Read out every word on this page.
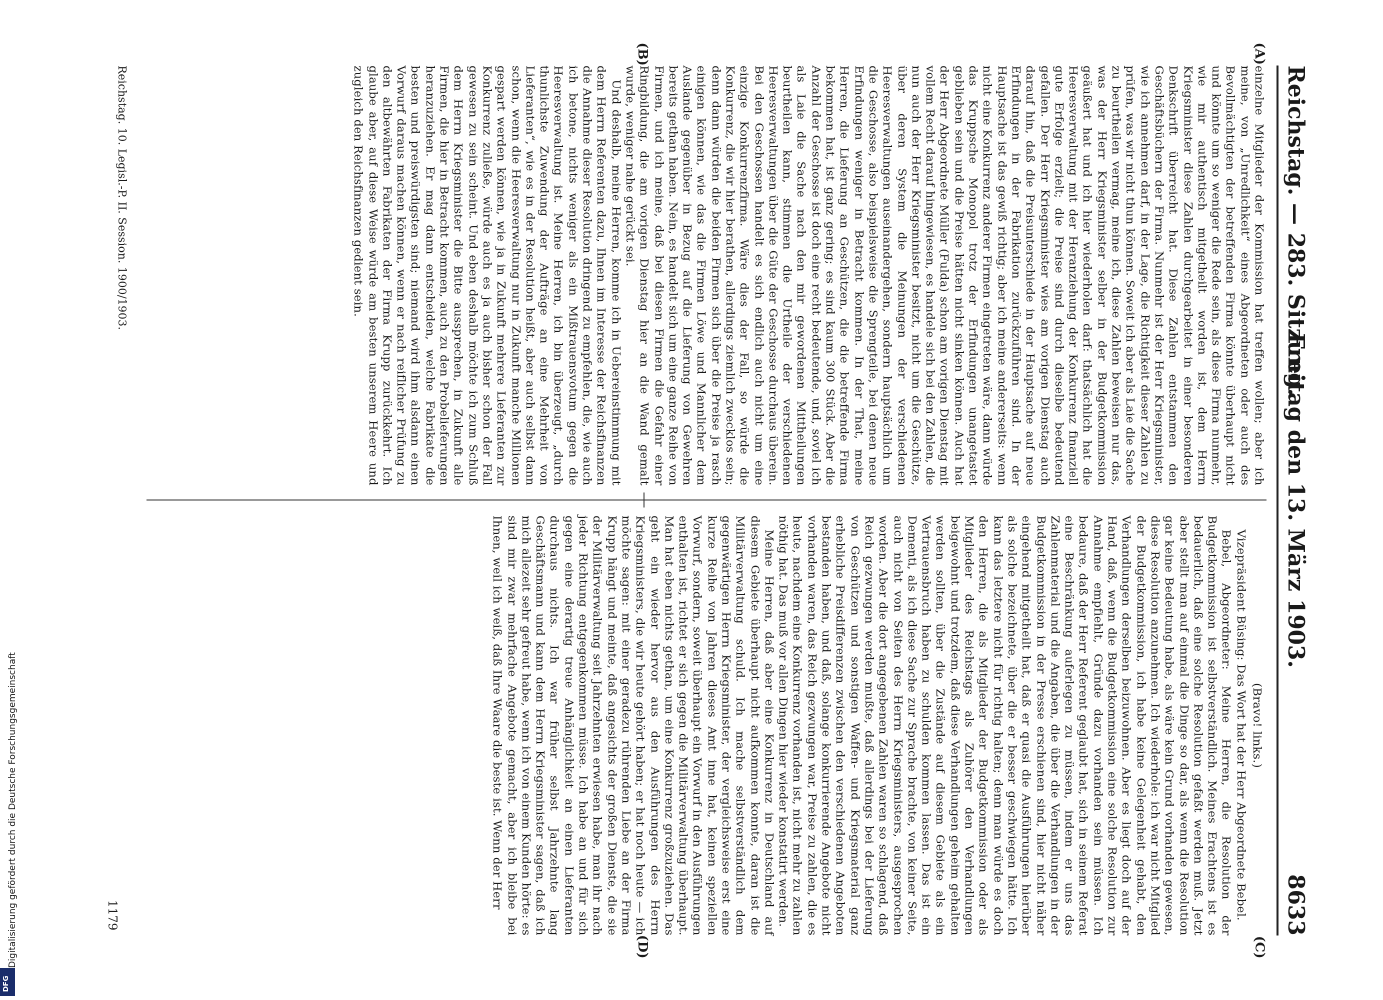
Digitalisierung gefördert durch die Deutsche Forschungsgemeinschaft
DFG
Reichstag. — 283. Sitzung.
Freitag den 13. März 1903.
8633
(A)
(B)
(C)
(D)

einzelne Mitglieder der Kommission hat treffen wollen; aber ich meine, von „Unredlichkeit“ eines Abgeordneten oder auch des Bevollmächtigten der betreffenden Firma könnte überhaupt nicht und könnte um so weniger die Rede sein, als diese Firma nunmehr, wie mir authentisch mitgetheilt worden ist, dem Herrn Kriegsminister diese Zahlen durchgearbeitet in einer besonderen Denkschrift überreicht hat. Diese Zahlen entstammen den Geschäftsbüchern der Firma. Nunmehr ist der Herr Kriegsminister, wie ich annehmen darf, in der Lage, die Richtigkeit dieser Zahlen zu prüfen, was wir nicht thun können. Soweit ich aber als Laie die Sache zu beurtheilen vermag, meine ich, diese Zahlen beweisen nur das, was der Herr Kriegsminister selber in der Budgetkommission geäußert hat und ich hier wiederholen darf: thatsächlich hat die Heeresverwaltung mit der Heranziehung der Konkurrenz finanziell gute Erfolge erzielt; die Preise sind durch dieselbe bedeutend gefallen. Der Herr Kriegsminister wies am vorigen Dienstag auch darauf hin, daß die Preisunterschiede in der Hauptsache auf neue Erfindungen in der Fabrikation zurückzuführen sind. In der Hauptsache ist das gewiß richtig; aber ich meine andererseits: wenn nicht eine Konkurrenz anderer Firmen eingetreten wäre, dann würde das Kruppsche Monopol trotz der Erfindungen unangetastet geblieben sein und die Preise hätten nicht sinken können. Auch hat der Herr Abgeordnete Müller (Fulda) schon am vorigen Dienstag mit vollem Recht darauf hingewiesen, es handele sich bei den Zahlen, die nun auch der Herr Kriegsminister besitzt, nicht um die Geschütze, über deren System die Meinungen der verschiedenen Heeresverwaltungen auseinandergehen, sondern hauptsächlich um die Geschosse, also beispielsweise die Sprengteile, bei denen neue Erfindungen weniger in Betracht kommen. In der That, meine Herren, die Lieferung an Geschützen, die die betreffende Firma bekommen hat, ist ganz gering; es sind kaum 300 Stück. Aber die Anzahl der Geschosse ist doch eine recht bedeutende, und, soviel ich als Laie die Sache nach den mir gewordenen Mittheilungen beurtheilen kann, stimmen die Urtheile der verschiedenen Heeresverwaltungen über die Güte der Geschosse durchaus überein. Bei den Geschossen handelt es sich endlich auch nicht um eine einzige Konkurrenzfirma. Wäre dies der Fall, so würde die Konkurrenz, die wir hier berathen, allerdings ziemlich zwecklos sein; denn dann würden die beiden Firmen sich über die Preise ja rasch einigen können, wie das die Firmen Löwe und Mannlicher dem Auslande gegenüber in Bezug auf die Lieferung von Gewehren bereits gethan haben. Nein, es handelt sich um eine ganze Reihe von Firmen, und ich meine, daß bei diesen Firmen die Gefahr einer Ringbildung, die am vorigen Dienstag hier an die Wand gemalt wurde, weniger nahe gerückt sei.

Und deshalb, meine Herren, komme ich in Uebereinstimmung mit dem Herrn Referenten dazu, Ihnen im Interesse der Reichsfinanzen die Annahme dieser Resolution dringend zu empfehlen, die, wie auch ich betone, nichts weniger als ein Mißtrauensvotum gegen die Heeresverwaltung ist. Meine Herren, ich bin überzeugt, „durch thunlichste Zuwendung der Aufträge an eine Mehrheit von Lieferanten“, wie es in der Resolution heißt, aber auch selbst dann schon, wenn die Heeresverwaltung nur in Zukunft manche Millionen gespart werden können, wie ja in Zukunft mehrere Lieferanten zur Konkurrenz zuließe, würde auch es ja auch bisher schon der Fall gewesen zu sein scheint. Und eben deshalb möchte ich zum Schluß dem Herrn Kriegsminister die Bitte aussprechen, in Zukunft alle Firmen, die hier in Betracht kommen, auch zu den Probelieferungen heranzuziehen. Er mag dann entscheiden, welche Fabrikate die besten und preiswürdigsten sind; niemand wird ihm alsdann einen Vorwurf daraus machen können, wenn er nach reiflicher Prüfung zu den altbewährten Fabrikaten der Firma Krupp zurückkehrt. Ich glaube aber, auf diese Weise würde am besten unserem Heere und zugleich den Reichsfinanzen gedient sein.

(Bravo! links.)

Vizepräsident Büsing: Das Wort hat der Herr Abgeordnete Bebel.

Bebel, Abgeordneter: Meine Herren, die Resolution der Budgetkommission ist selbstverständlich. Meines Erachtens ist es bedauerlich, daß eine solche Resolution gefaßt werden muß. Jetzt aber stellt man auf einmal die Dinge so dar, als wenn die Resolution gar keine Bedeutung habe, als wäre kein Grund vorhanden gewesen, diese Resolution anzunehmen. Ich wiederhole: ich war nicht Mitglied der Budgetkommission, ich habe keine Gelegenheit gehabt, den Verhandlungen derselben beizuwohnen. Aber es liegt doch auf der Hand, daß, wenn die Budgetkommission eine solche Resolution zur Annahme empfiehlt, Gründe dazu vorhanden sein müssen. Ich bedaure, daß der Herr Referent geglaubt hat, sich in seinem Referat eine Beschränkung auferlegen zu müssen, indem er uns das Zahlenmaterial und die Angaben, die über die Verhandlungen in der Budgetkommission in der Presse erschienen sind, hier nicht näher eingehend mitgetheilt hat, daß er quasi die Ausführungen hierüber als solche bezeichnete, über die er besser geschwiegen hätte. Ich kann das letztere nicht für richtig halten; denn man würde es doch den Herren, die als Mitglieder der Budgetkommission oder als Mitglieder des Reichstags als Zuhörer den Verhandlungen beigewohnt und trotzdem, daß diese Verhandlungen geheim gehalten werden sollten, über die Zustände auf diesem Gebiete als ein Vertrauensbruch haben zu schulden kommen lassen. Das ist ein Dementi, als ich diese Sache zur Sprache brachte, von keiner Seite, auch nicht von Seiten des Herrn Kriegsministers, ausgesprochen worden. Aber die dort angegebenen Zahlen waren so schlagend, daß Reich gezwungen werden mußte, daß allerdings bei der Lieferung von Geschützen und sonstigen Waffen- und Kriegsmaterial ganz erhebliche Preisdifferenzen zwischen den verschiedenen Angeboten bestanden haben, und daß, solange konkurrierende Angebote nicht vorhanden waren, das Reich gezwungen war, Preise zu zahlen, die es heute, nachdem eine Konkurrenz vorhanden ist, nicht mehr zu zahlen nöthig hat. Das muß vor allen Dingen hier wieder konstatirt werden.

Meine Herren, daß aber eine Konkurrenz in Deutschland auf diesem Gebiete überhaupt nicht aufkommen konnte, daran ist die Militärverwaltung schuld. Ich mache selbstverständlich dem gegenwärtigen Herrn Kriegsminister, der vergleichsweise erst eine kurze Reihe von Jahren dieses Amt inne hat, keinen speziellen Vorwurf, sondern, soweit überhaupt ein Vorwurf in den Ausführungen enthalten ist, richtet er sich gegen die Militärverwaltung überhaupt. Man hat eben nichts gethan, um eine Konkurrenz großzuziehen. Das geht ein wieder hervor aus den Ausführungen des Herrn Kriegsministers, die wir heute gehört haben; er hat noch heute — ich möchte sagen: mit einer geradezu rührenden Liebe an der Firma Krupp hängt und meinte, daß angesichts der großen Dienste, die sie der Militärverwaltung seit Jahrzehnten erwiesen habe, man ihr nach jeder Richtung entgegenkommen müsse. Ich habe an und für sich gegen eine derartig treue Anhänglichkeit an einen Lieferanten durchaus nichts. Ich war früher selbst Jahrzehnte lang Geschäftsmann und kann dem Herrn Kriegsminister sagen, daß ich mich allezeit sehr gefreut habe, wenn ich von einem Kunden hörte: es sind mir zwar mehrfache Angebote gemacht, aber ich bleibe bei Ihnen, weil ich weiß, daß Ihre Waare die beste ist. Wenn der Herr

Reichstag. 10. Legisl.-P. II. Session. 1900/1903.
1179
